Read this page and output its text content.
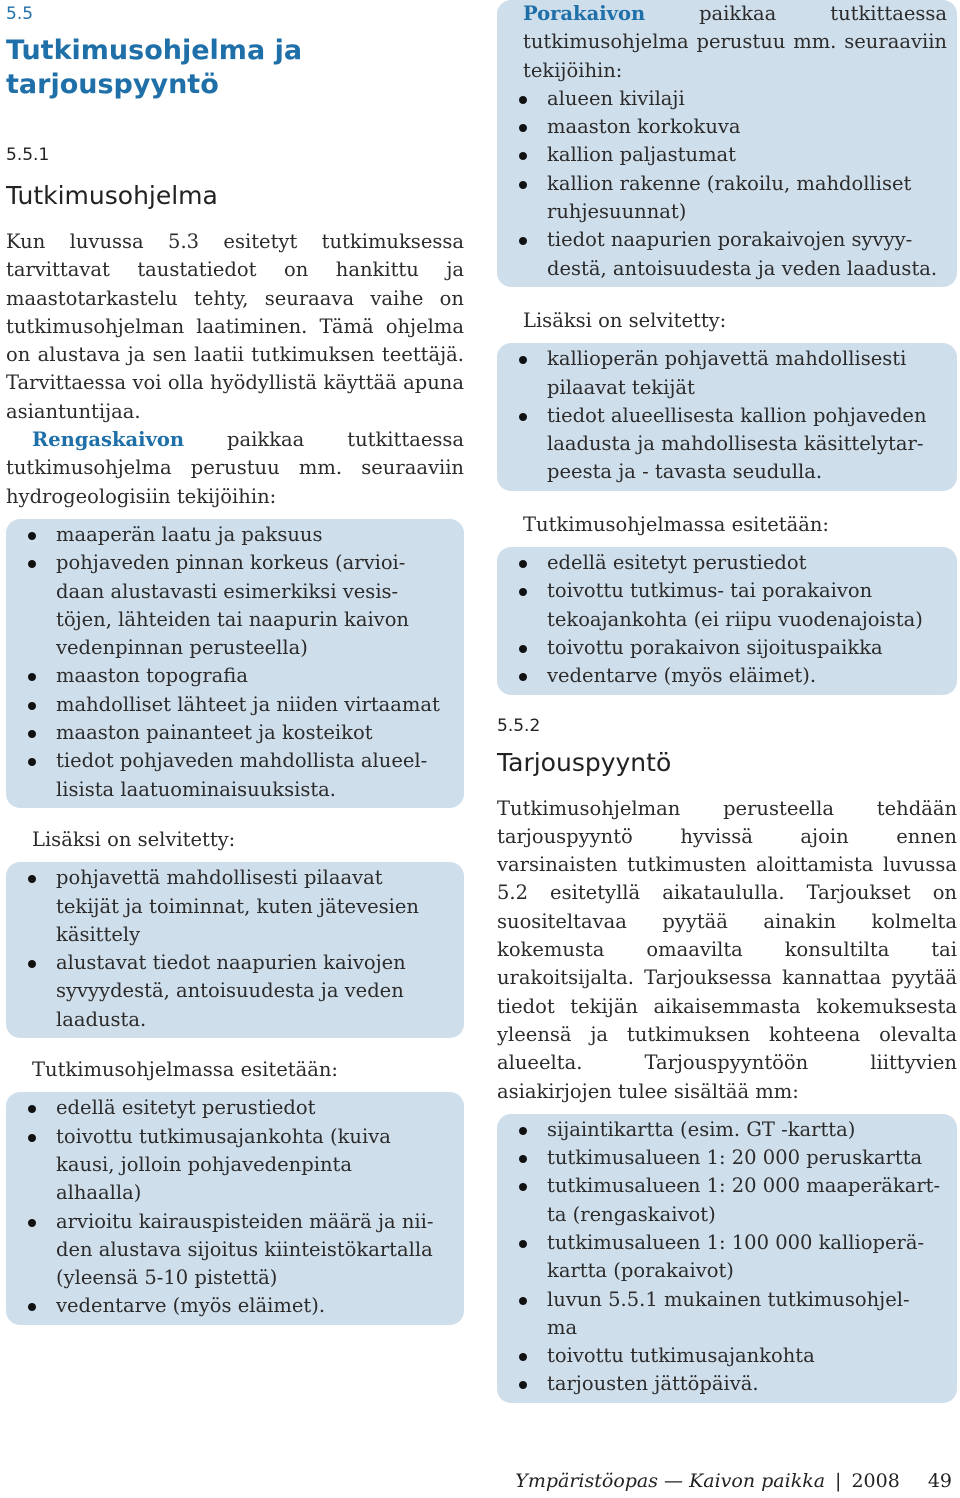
5.5
Tutkimusohjelma ja
tarjouspyyntö
5.5.1
Tutkimusohjelma

Kun luvussa 5.3 esitetyt tutkimuksessa tarvittavat taustatiedot on hankittu ja maastotarkastelu tehty, seuraava vaihe on tutkimusohjelman laatiminen. Tämä ohjelma on alustava ja sen laatii tutkimuksen teettäjä. Tarvittaessa voi olla hyödyllistä käyttää apuna asiantuntijaa.

Rengaskaivon paikkaa tutkittaessa tutkimusohjelma perustuu mm. seuraaviin hydrogeologisiin tekijöihin:

maaperän laatu ja paksuus
pohjaveden pinnan korkeus (arvioi-
daan alustavasti esimerkiksi vesis-
töjen, lähteiden tai naapurin kaivon
vedenpinnan perusteella)
maaston topografia
mahdolliset lähteet ja niiden virtaamat
maaston painanteet ja kosteikot
tiedot pohjaveden mahdollista alueel-
lisista laatuominaisuuksista.
Lisäksi on selvitetty:
pohjavettä mahdollisesti pilaavat
tekijät ja toiminnat, kuten jätevesien
käsittely
alustavat tiedot naapurien kaivojen
syvyydestä, antoisuudesta ja veden
laadusta.
Tutkimusohjelmassa esitetään:
edellä esitetyt perustiedot
toivottu tutkimusajankohta (kuiva
kausi, jolloin pohjavedenpinta
alhaalla)
arvioitu kairauspisteiden määrä ja nii-
den alustava sijoitus kiinteistökartalla
(yleensä 5-10 pistettä)
vedentarve (myös eläimet).

Porakaivon paikkaa tutkittaessa tutkimusohjelma perustuu mm. seuraaviin tekijöihin:

alueen kivilaji
maaston korkokuva
kallion paljastumat
kallion rakenne (rakoilu, mahdolliset
ruhjesuunnat)
tiedot naapurien porakaivojen syvyy-
destä, antoisuudesta ja veden laadusta.
Lisäksi on selvitetty:
kallioperän pohjavettä mahdollisesti
pilaavat tekijät
tiedot alueellisesta kallion pohjaveden
laadusta ja mahdollisesta käsittelytar-
peesta ja - tavasta seudulla.
Tutkimusohjelmassa esitetään:
edellä esitetyt perustiedot
toivottu tutkimus- tai porakaivon
tekoajankohta (ei riipu vuodenajoista)
toivottu porakaivon sijoituspaikka
vedentarve (myös eläimet).
5.5.2
Tarjouspyyntö

Tutkimusohjelman perusteella tehdään tarjouspyyntö hyvissä ajoin ennen varsinaisten tutkimusten aloittamista luvussa 5.2 esitetyllä aikataululla. Tarjoukset on suositeltavaa pyytää ainakin kolmelta kokemusta omaavilta konsultilta tai urakoitsijalta. Tarjouksessa kannattaa pyytää tiedot tekijän aikaisemmasta kokemuksesta yleensä ja tutkimuksen kohteena olevalta alueelta. Tarjouspyyntöön liittyvien asiakirjojen tulee sisältää mm:

sijaintikartta (esim. GT -kartta)
tutkimusalueen 1: 20 000 peruskartta
tutkimusalueen 1: 20 000 maaperäkart-
ta (rengaskaivot)
tutkimusalueen 1: 100 000 kallioperä-
kartta (porakaivot)
luvun 5.5.1 mukainen tutkimusohjel-
ma
toivottu tutkimusajankohta
tarjousten jättöpäivä.
Ympäristöopas — Kaivon paikka | 2008 49
